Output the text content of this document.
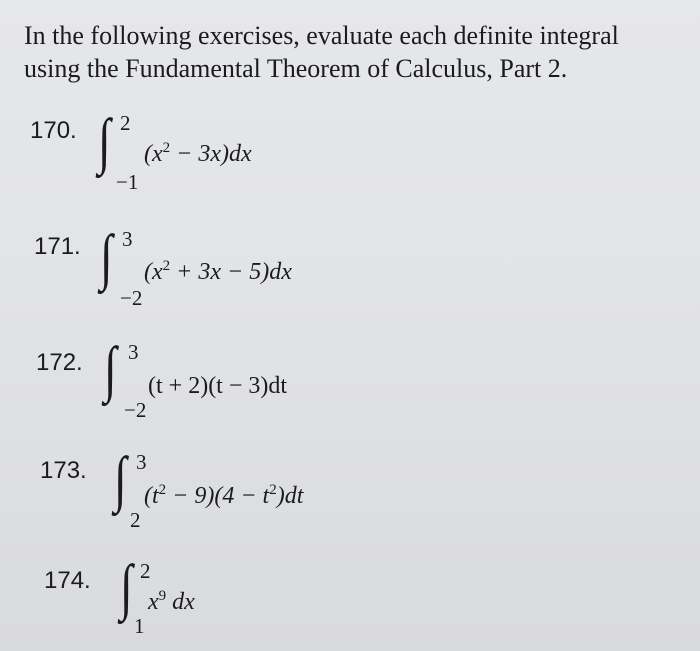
In the following exercises, evaluate each definite integral
using the Fundamental Theorem of Calculus, Part 2.
170. ∫ 2
−1
$(x^2 - 3x)dx$
171. ∫ 3
−2
$(x^2 + 3x - 5)dx$
172. ∫ 3
−2
(t + 2)(t − 3)dt
173. ∫ 3
2
$(t^2 - 9)(4 - t^2)dt$
174. ∫ 2
1
$x^9$ dx
